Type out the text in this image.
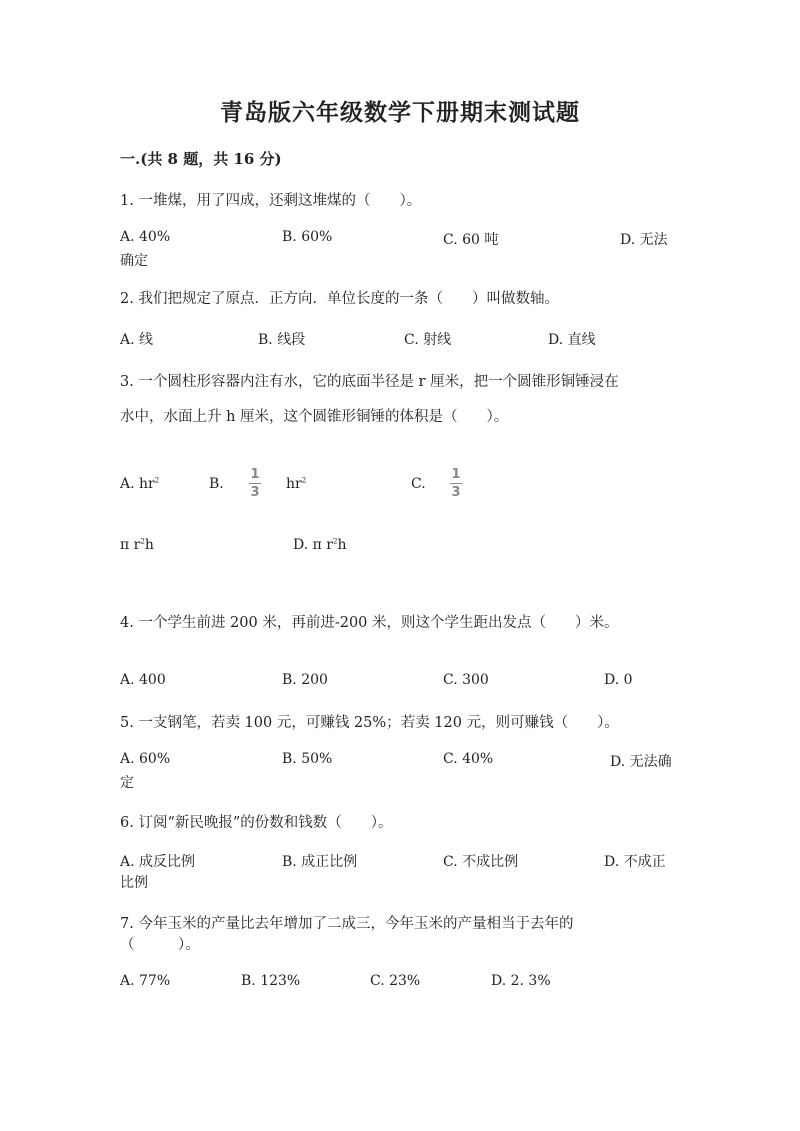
青岛版六年级数学下册期末测试题
一.(共 8 题，共 16 分)
1. 一堆煤，用了四成，还剩这堆煤的（　　）。
A. 40%	B. 60%	C. 60 吨	D. 无法
确定
2. 我们把规定了原点．正方向．单位长度的一条（　　）叫做数轴。
A. 线	B. 线段	C. 射线	D. 直线
3. 一个圆柱形容器内注有水，它的底面半径是 r 厘米，把一个圆锥形铜锤浸在
水中，水面上升 h 厘米，这个圆锥形铜锤的体积是（　　）。
A. $hr^2$	B. $\frac{1}{3} hr^2$	C. $\frac{1}{3}$
π $r^2h$	D. π $r^2h$
4. 一个学生前进 200 米，再前进-200 米，则这个学生距出发点（　　）米。
A. 400	B. 200	C. 300	D. 0
5. 一支钢笔，若卖 100 元，可赚钱 25%；若卖 120 元，则可赚钱（　　）。
A. 60%	B. 50%	C. 40%	D. 无法确
定
6. 订阅“新民晚报”的份数和钱数（　　）。
A. 成反比例	B. 成正比例	C. 不成比例	D. 不成正
比例
7. 今年玉米的产量比去年增加了二成三，今年玉米的产量相当于去年的
（　　　）。
A. 77%	B. 123%	C. 23%	D. 2. 3%
